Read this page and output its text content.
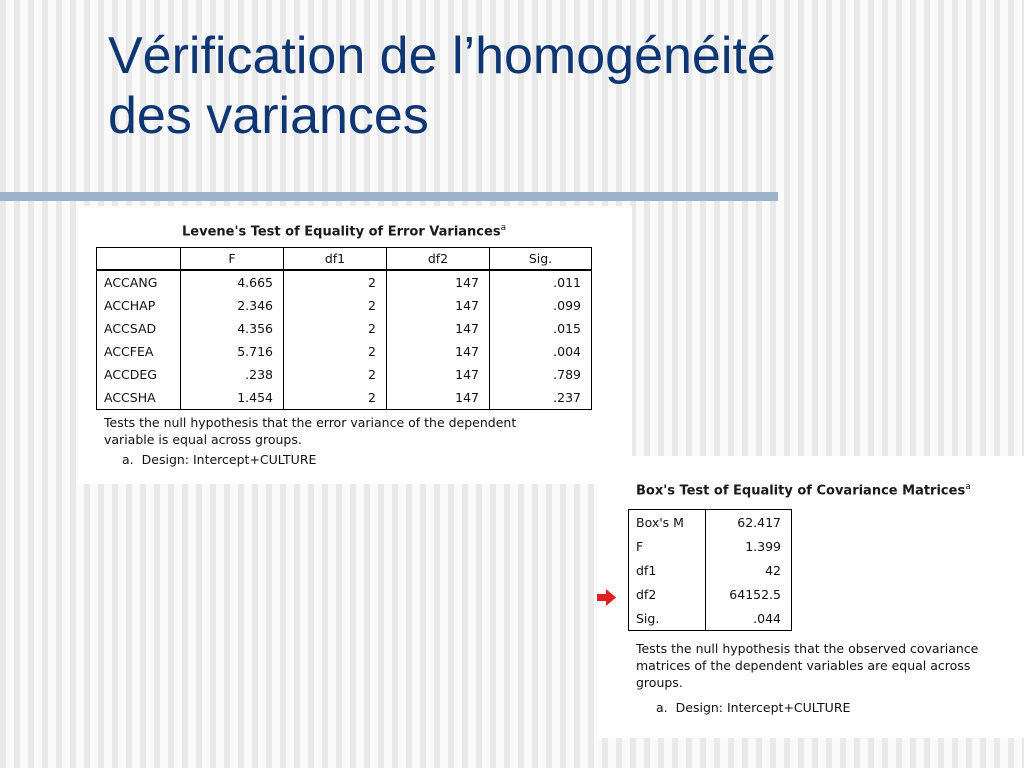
Vérification de l’homogénéité
des variances
Levene's Test of Equality of Error Variances$^a$
	F	df1	df2	Sig.
ACCANG	4.665	2	147	.011
ACCHAP	2.346	2	147	.099
ACCSAD	4.356	2	147	.015
ACCFEA	5.716	2	147	.004
ACCDEG	.238	2	147	.789
ACCSHA	1.454	2	147	.237
Tests the null hypothesis that the error variance of the dependent variable is equal across groups.
a. Design: Intercept+CULTURE
Box's Test of Equality of Covariance Matrices$^a$
Box's M	62.417
F	1.399
df1	42
df2	64152.5
Sig.	.044
Tests the null hypothesis that the observed covariance matrices of the dependent variables are equal across groups.
a. Design: Intercept+CULTURE
